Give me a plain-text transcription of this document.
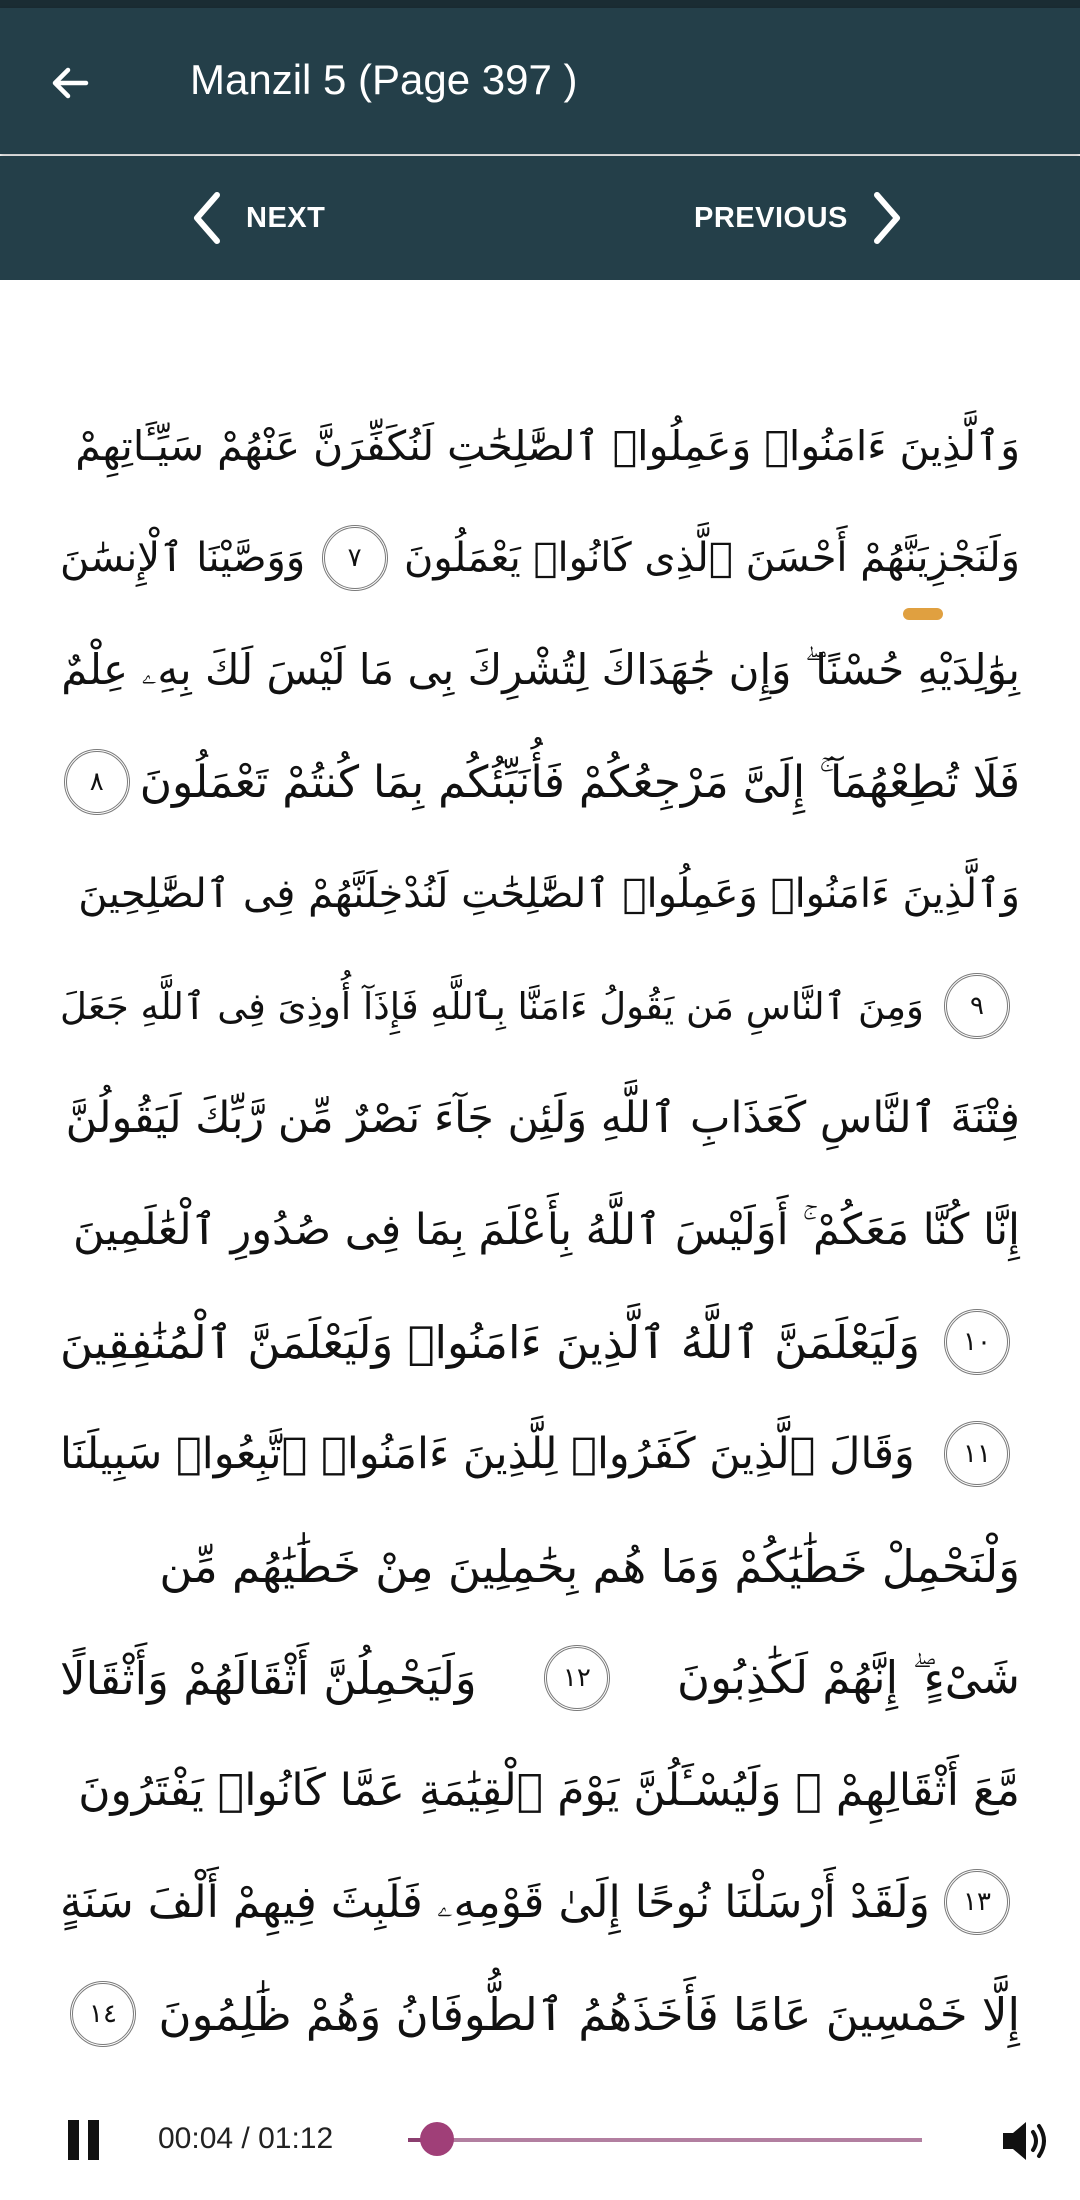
Manzil 5 (Page 397 )
NEXT	PREVIOUS
وَٱلَّذِينَ ءَامَنُوا۟ وَعَمِلُوا۟ ٱلصَّٰلِحَٰتِ لَنُكَفِّرَنَّ عَنْهُمْ سَيِّـَٔاتِهِمْ
وَلَنَجْزِيَنَّهُمْ أَحْسَنَ ٱلَّذِى كَانُوا۟ يَعْمَلُونَ
٧
وَوَصَّيْنَا ٱلْإِنسَٰنَ
بِوَٰلِدَيْهِ حُسْنًا ۖ وَإِن جَٰهَدَاكَ لِتُشْرِكَ بِى مَا لَيْسَ لَكَ بِهِۦ عِلْمٌ
فَلَا تُطِعْهُمَآ ۚ إِلَىَّ مَرْجِعُكُمْ فَأُنَبِّئُكُم بِمَا كُنتُمْ تَعْمَلُونَ
٨
وَٱلَّذِينَ ءَامَنُوا۟ وَعَمِلُوا۟ ٱلصَّٰلِحَٰتِ لَنُدْخِلَنَّهُمْ فِى ٱلصَّٰلِحِينَ
٩
وَمِنَ ٱلنَّاسِ مَن يَقُولُ ءَامَنَّا بِٱللَّهِ فَإِذَآ أُوذِىَ فِى ٱللَّهِ جَعَلَ
فِتْنَةَ ٱلنَّاسِ كَعَذَابِ ٱللَّهِ وَلَئِن جَآءَ نَصْرٌ مِّن رَّبِّكَ لَيَقُولُنَّ
إِنَّا كُنَّا مَعَكُمْ ۚ أَوَلَيْسَ ٱللَّهُ بِأَعْلَمَ بِمَا فِى صُدُورِ ٱلْعَٰلَمِينَ
١٠
وَلَيَعْلَمَنَّ ٱللَّهُ ٱلَّذِينَ ءَامَنُوا۟ وَلَيَعْلَمَنَّ ٱلْمُنَٰفِقِينَ
١١
وَقَالَ ٱلَّذِينَ كَفَرُوا۟ لِلَّذِينَ ءَامَنُوا۟ ٱتَّبِعُوا۟ سَبِيلَنَا
وَلْنَحْمِلْ خَطَٰيَٰكُمْ وَمَا هُم بِحَٰمِلِينَ مِنْ خَطَٰيَٰهُم مِّن
شَىْءٍ ۖ إِنَّهُمْ لَكَٰذِبُونَ
١٢
وَلَيَحْمِلُنَّ أَثْقَالَهُمْ وَأَثْقَالًا
مَّعَ أَثْقَالِهِمْ ۖ وَلَيُسْـَٔلُنَّ يَوْمَ ٱلْقِيَٰمَةِ عَمَّا كَانُوا۟ يَفْتَرُونَ
١٣
وَلَقَدْ أَرْسَلْنَا نُوحًا إِلَىٰ قَوْمِهِۦ فَلَبِثَ فِيهِمْ أَلْفَ سَنَةٍ
إِلَّا خَمْسِينَ عَامًا فَأَخَذَهُمُ ٱلطُّوفَانُ وَهُمْ ظَٰلِمُونَ
١٤
00:04 / 01:12
